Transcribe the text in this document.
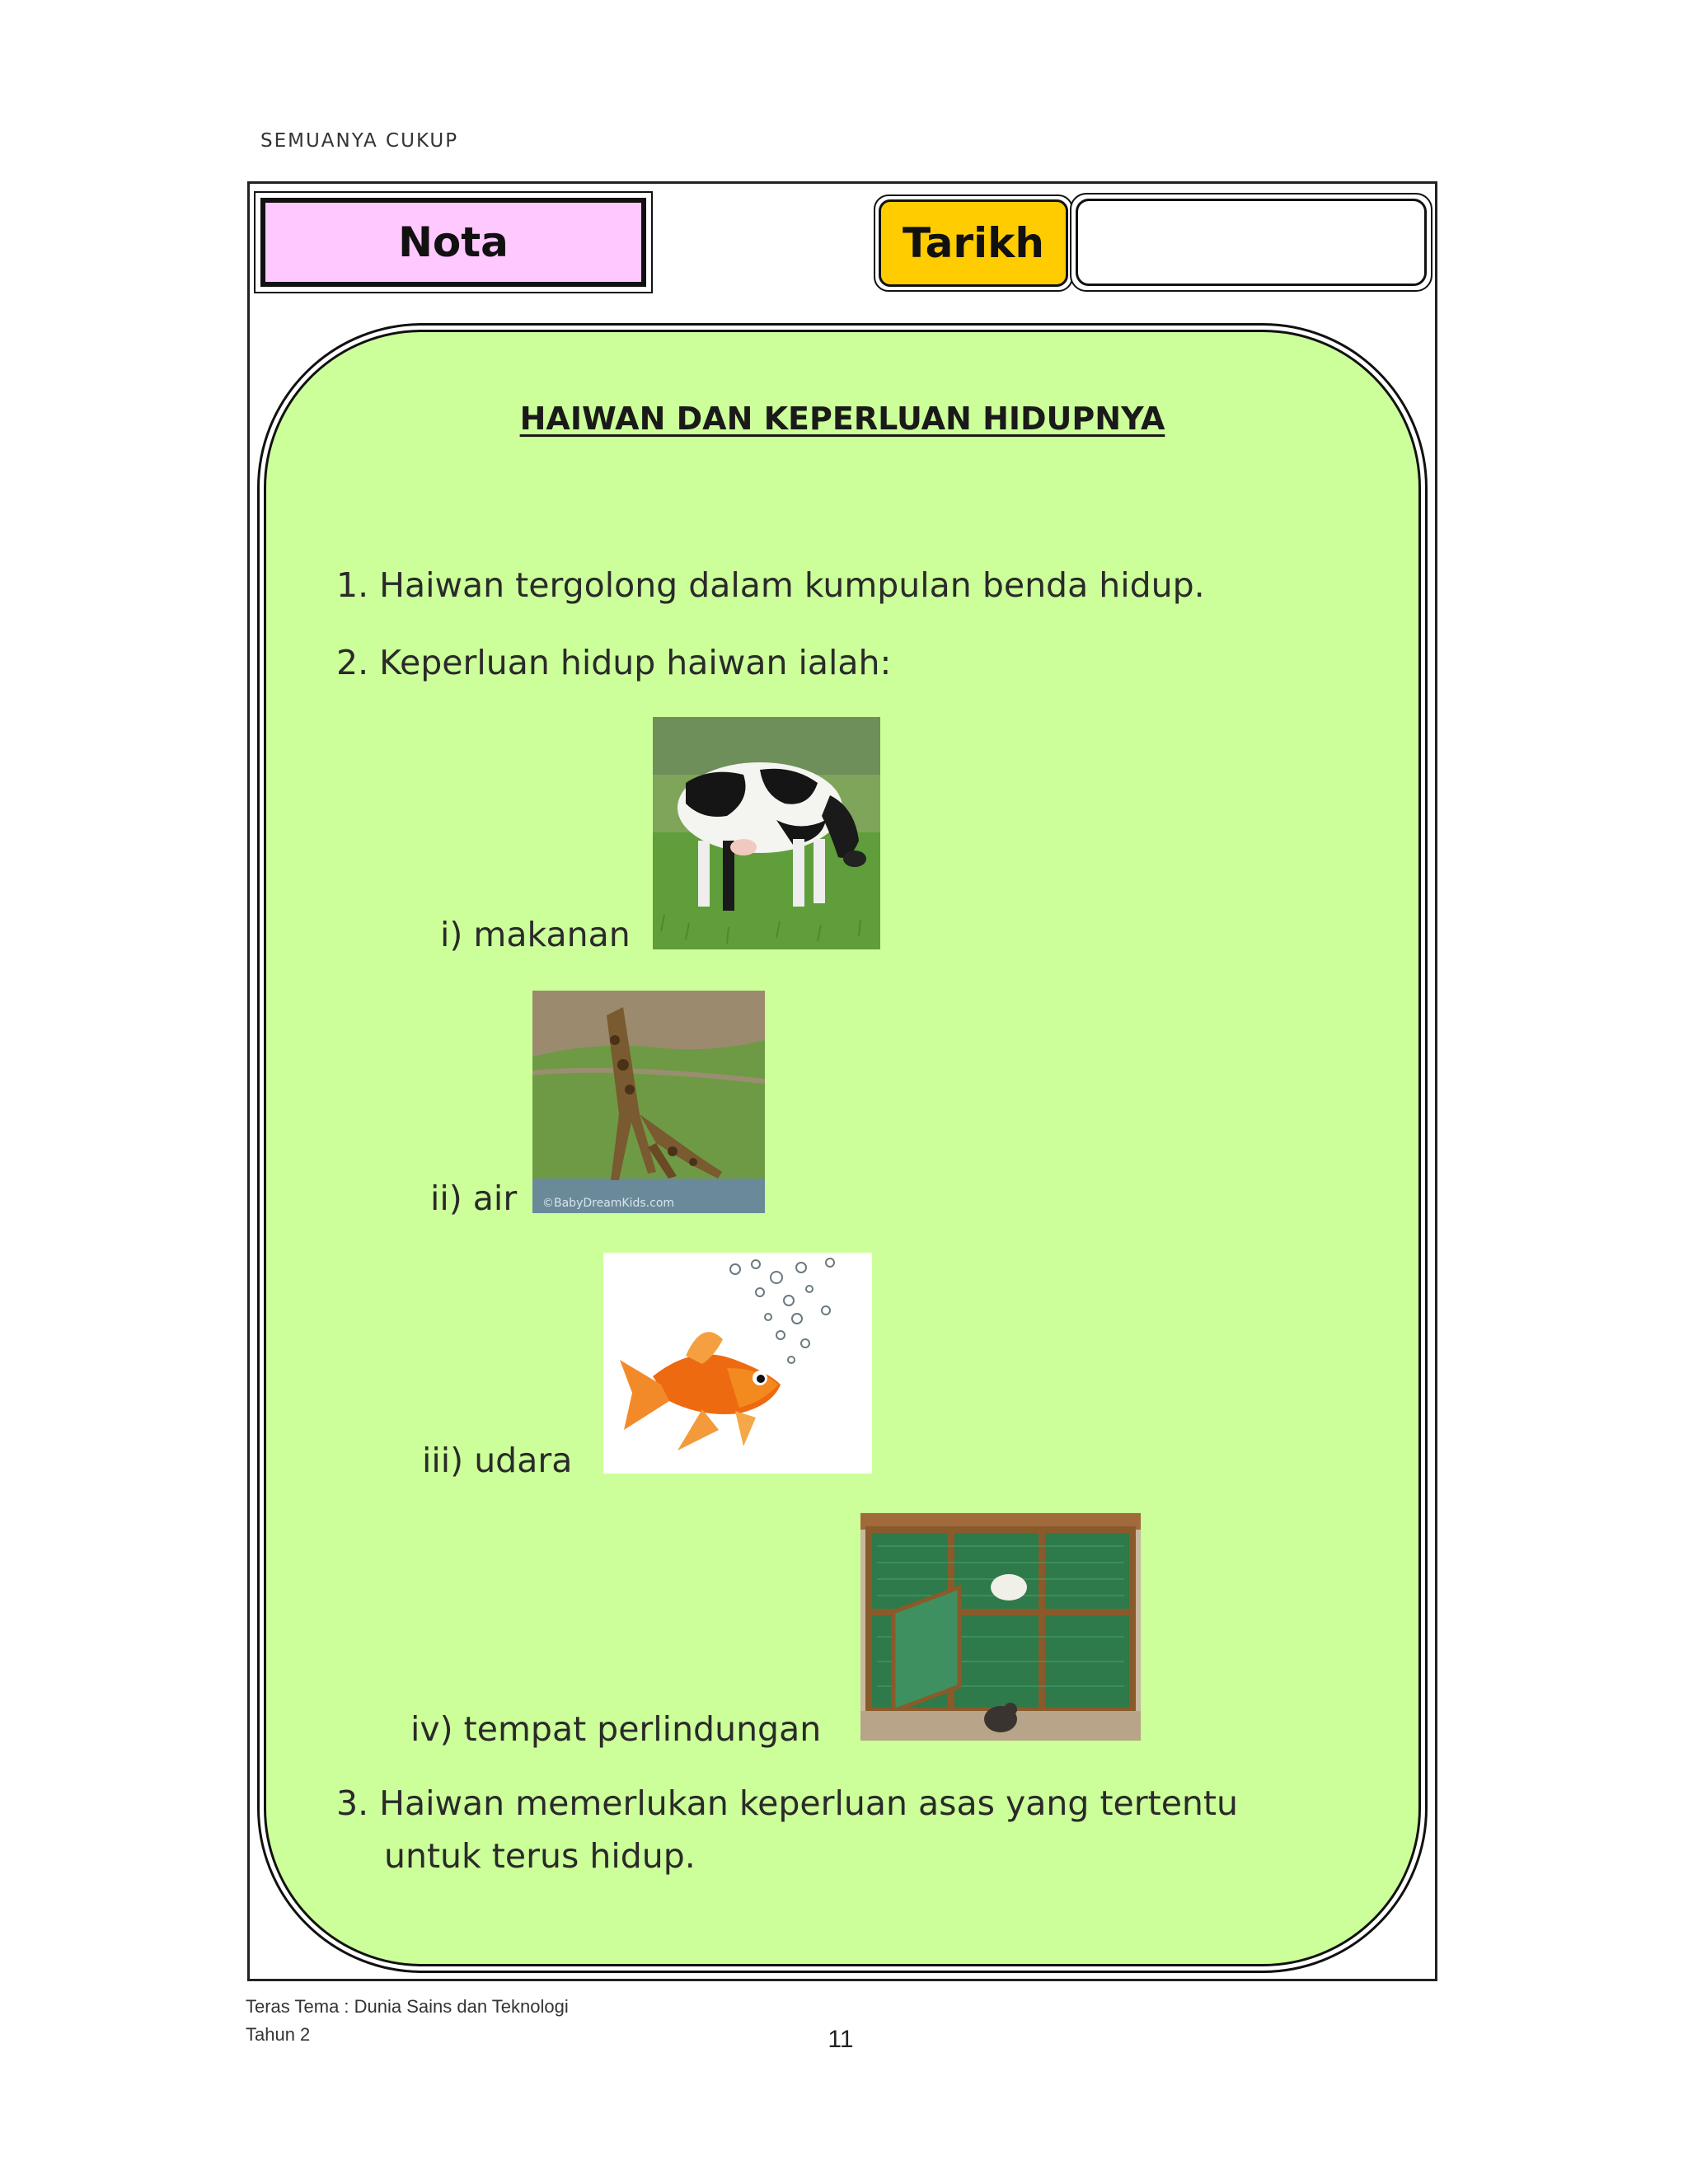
SEMUANYA CUKUP
Nota	Tarikh
HAIWAN DAN KEPERLUAN HIDUPNYA
1. Haiwan tergolong dalam kumpulan benda hidup.
2. Keperluan hidup haiwan ialah:
i) makanan
ii) air ©BabyDreamKids.com
iii) udara
iv) tempat perlindungan
3. Haiwan memerlukan keperluan asas yang tertentu
untuk terus hidup.
Teras Tema : Dunia Sains dan Teknologi
Tahun 2	11
